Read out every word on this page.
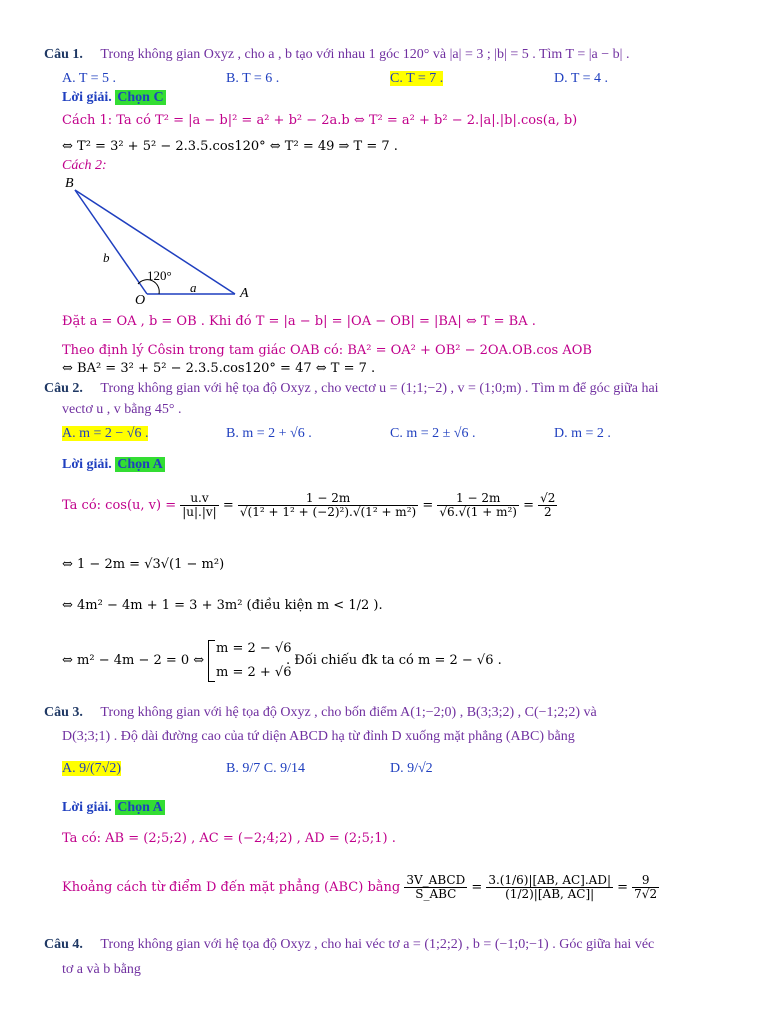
Câu 1. Trong không gian Oxyz , cho a , b tạo với nhau 1 góc 120° và |a| = 3 ; |b| = 5 . Tìm T = |a − b| .
A. T = 5 .	B. T = 6 .	C. T = 7 .	D. T = 4 .
Lời giải. Chọn C
Cách 1: Ta có T² = |a − b|² = a² + b² − 2a.b ⇔ T² = a² + b² − 2.|a|.|b|.cos(a, b)
⇔ T² = 3² + 5² − 2.3.5.cos120° ⇔ T² = 49 ⇒ T = 7 .
Cách 2:
B
O	A
b
a
120°
Đặt a = OA , b = OB . Khi đó T = |a − b| = |OA − OB| = |BA| ⇔ T = BA .
Theo định lý Côsin trong tam giác OAB có: BA² = OA² + OB² − 2OA.OB.cos AOB
⇔ BA² = 3² + 5² − 2.3.5.cos120° = 47 ⇔ T = 7 .
Câu 2. Trong không gian với hệ tọa độ Oxyz , cho vectơ u = (1;1;−2) , v = (1;0;m) . Tìm m để góc giữa hai
vectơ u , v bằng 45° .
A. m = 2 − √6 .	B. m = 2 + √6 .	C. m = 2 ± √6 .	D. m = 2 .
Lời giải. Chọn A
Ta có: cos(u, $v) = \frac{u.v}{|u|.|v|} = \frac{1 - 2m}{\text{√(1² + 1² + (−2)²).√(1² + m²)}} = \frac{1 - 2m}{\text{√6.√(1 + m²)}} = \frac{√2}{2}$
⇔ 1 − 2m = √3√(1 − m²)
⇔ 4m² − 4m + 1 = 3 + 3m² (điều kiện m < 1/2 ).
⇔ m² − 4m − 2 = 0 ⇔
m = 2 − √6
m = 2 + √6
. Đối chiếu đk ta có m = 2 − √6 .
Câu 3. Trong không gian với hệ tọa độ Oxyz , cho bốn điểm A(1;−2;0) , B(3;3;2) , C(−1;2;2) và
D(3;3;1) . Độ dài đường cao của tứ diện ABCD hạ từ đỉnh D xuống mặt phẳng (ABC) bằng
A. 9/(7√2)	B. 9/7 C. 9/14	D. 9/√2
Lời giải. Chọn A
Ta có: AB = (2;5;2) , AC = (−2;4;2) , AD = (2;5;1) .
Khoảng cách từ điểm D đến mặt phẳng (ABC) bằng $\frac{\text{3V\_ABCD}}{\text{S\_ABC}} = \frac{3.(1/6)|[AB, AC].AD|}{(1/2)|[AB, AC]|} = \frac{9}{7√2}$
Câu 4. Trong không gian với hệ tọa độ Oxyz , cho hai véc tơ a = (1;2;2) , b = (−1;0;−1) . Góc giữa hai véc
tơ a và b bằng
